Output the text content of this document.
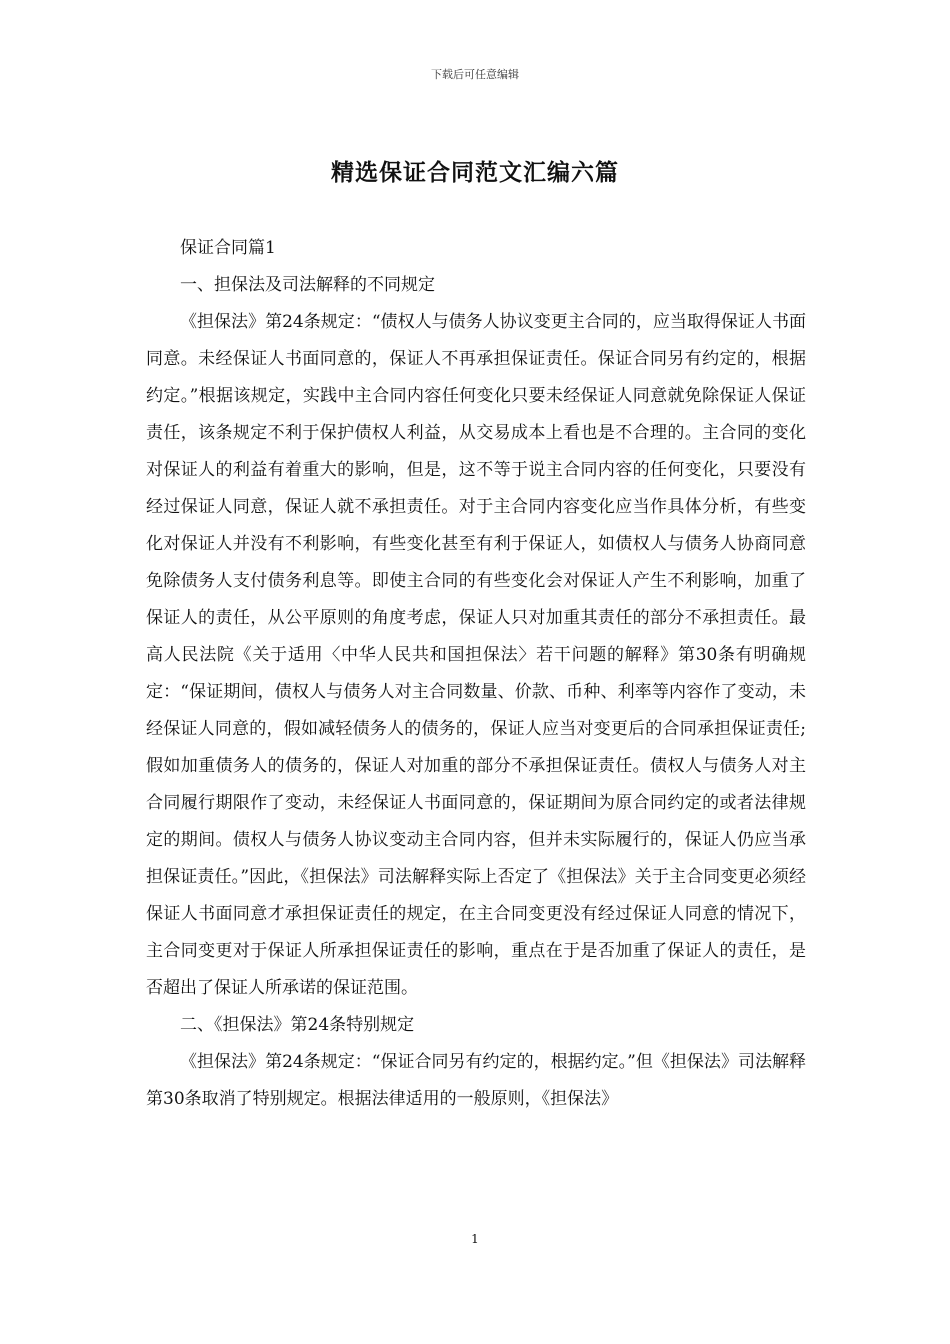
下载后可任意编辑
精选保证合同范文汇编六篇

保证合同篇1

一、担保法及司法解释的不同规定

《担保法》第24条规定：“债权人与债务人协议变更主合同的，应当取得保证人书面同意。未经保证人书面同意的，保证人不再承担保证责任。保证合同另有约定的，根据约定。”根据该规定，实践中主合同内容任何变化只要未经保证人同意就免除保证人保证责任，该条规定不利于保护债权人利益，从交易成本上看也是不合理的。主合同的变化对保证人的利益有着重大的影响，但是，这不等于说主合同内容的任何变化，只要没有经过保证人同意，保证人就不承担责任。对于主合同内容变化应当作具体分析，有些变化对保证人并没有不利影响，有些变化甚至有利于保证人，如债权人与债务人协商同意免除债务人支付债务利息等。即使主合同的有些变化会对保证人产生不利影响，加重了保证人的责任，从公平原则的角度考虑，保证人只对加重其责任的部分不承担责任。最高人民法院《关于适用〈中华人民共和国担保法〉若干问题的解释》第30条有明确规定：“保证期间，债权人与债务人对主合同数量、价款、币种、利率等内容作了变动，未经保证人同意的，假如减轻债务人的债务的，保证人应当对变更后的合同承担保证责任;假如加重债务人的债务的，保证人对加重的部分不承担保证责任。债权人与债务人对主合同履行期限作了变动，未经保证人书面同意的，保证期间为原合同约定的或者法律规定的期间。债权人与债务人协议变动主合同内容，但并未实际履行的，保证人仍应当承担保证责任。”因此，《担保法》司法解释实际上否定了《担保法》关于主合同变更必须经保证人书面同意才承担保证责任的规定，在主合同变更没有经过保证人同意的情况下，主合同变更对于保证人所承担保证责任的影响，重点在于是否加重了保证人的责任，是否超出了保证人所承诺的保证范围。

二、《担保法》第24条特别规定

《担保法》第24条规定：“保证合同另有约定的，根据约定。”但《担保法》司法解释第30条取消了特别规定。根据法律适用的一般原则，《担保法》

1
